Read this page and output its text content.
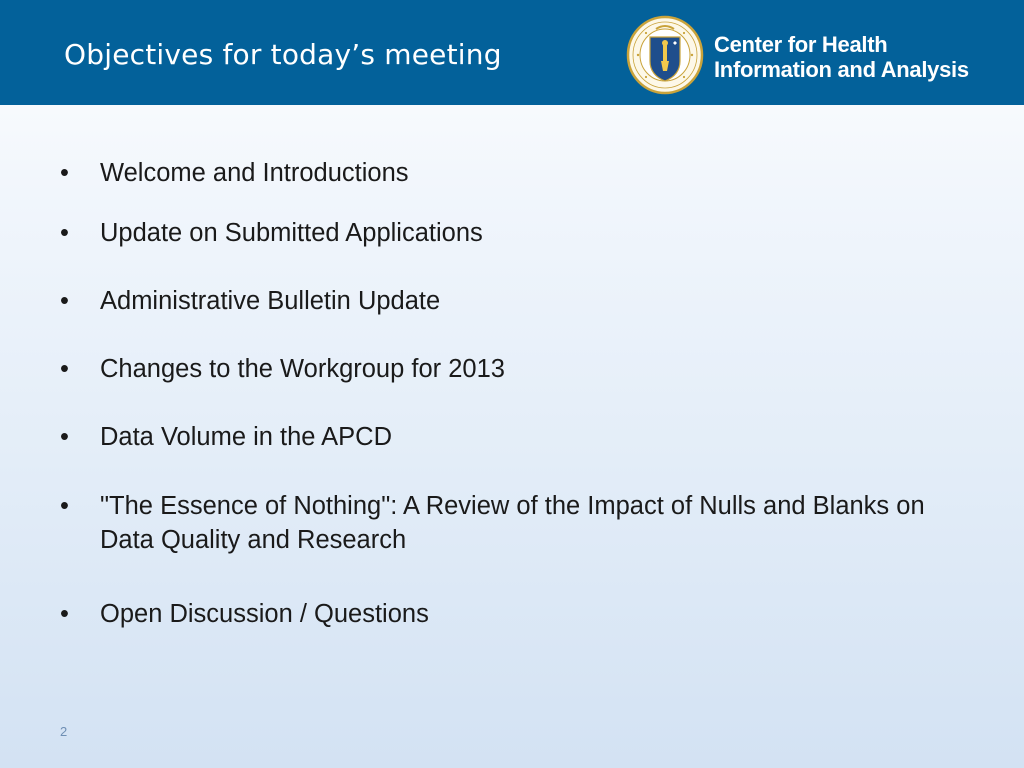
Objectives for today’s meeting	Center for Health
Information and Analysis
• Welcome and Introductions
• Update on Submitted Applications
• Administrative Bulletin Update
• Changes to the Workgroup for 2013
• Data Volume in the APCD
• "The Essence of Nothing": A Review of the Impact of Nulls and Blanks on Data Quality and Research
• Open Discussion / Questions
2
